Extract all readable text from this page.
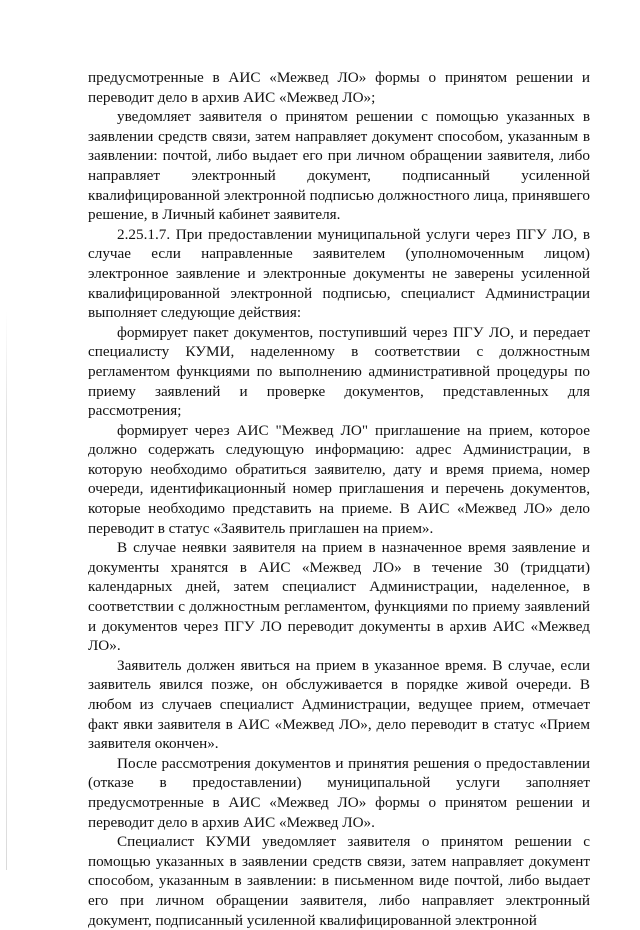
предусмотренные в АИС «Межвед ЛО» формы о принятом решении и переводит дело в архив АИС «Межвед ЛО»;

уведомляет заявителя о принятом решении с помощью указанных в заявлении средств связи, затем направляет документ способом, указанным в заявлении: почтой, либо выдает его при личном обращении заявителя, либо направляет электронный документ, подписанный усиленной квалифицированной электронной подписью должностного лица, принявшего решение, в Личный кабинет заявителя.

2.25.1.7. При предоставлении муниципальной услуги через ПГУ ЛО, в случае если направленные заявителем (уполномоченным лицом) электронное заявление и электронные документы не заверены усиленной квалифицированной электронной подписью, специалист Администрации выполняет следующие действия:

формирует пакет документов, поступивший через ПГУ ЛО, и передает специалисту КУМИ, наделенному в соответствии с должностным регламентом функциями по выполнению административной процедуры по приему заявлений и проверке документов, представленных для рассмотрения;

формирует через АИС "Межвед ЛО" приглашение на прием, которое должно содержать следующую информацию: адрес Администрации, в которую необходимо обратиться заявителю, дату и время приема, номер очереди, идентификационный номер приглашения и перечень документов, которые необходимо представить на приеме. В АИС «Межвед ЛО» дело переводит в статус «Заявитель приглашен на прием».

В случае неявки заявителя на прием в назначенное время заявление и документы хранятся в АИС «Межвед ЛО» в течение 30 (тридцати) календарных дней, затем специалист Администрации, наделенное, в соответствии с должностным регламентом, функциями по приему заявлений и документов через ПГУ ЛО переводит документы в архив АИС «Межвед ЛО».

Заявитель должен явиться на прием в указанное время. В случае, если заявитель явился позже, он обслуживается в порядке живой очереди. В любом из случаев специалист Администрации, ведущее прием, отмечает факт явки заявителя в АИС «Межвед ЛО», дело переводит в статус «Прием заявителя окончен».

После рассмотрения документов и принятия решения о предоставлении (отказе в предоставлении) муниципальной услуги заполняет предусмотренные в АИС «Межвед ЛО» формы о принятом решении и переводит дело в архив АИС «Межвед ЛО».

Специалист КУМИ уведомляет заявителя о принятом решении с помощью указанных в заявлении средств связи, затем направляет документ способом, указанным в заявлении: в письменном виде почтой, либо выдает его при личном обращении заявителя, либо направляет электронный документ, подписанный усиленной квалифицированной электронной
